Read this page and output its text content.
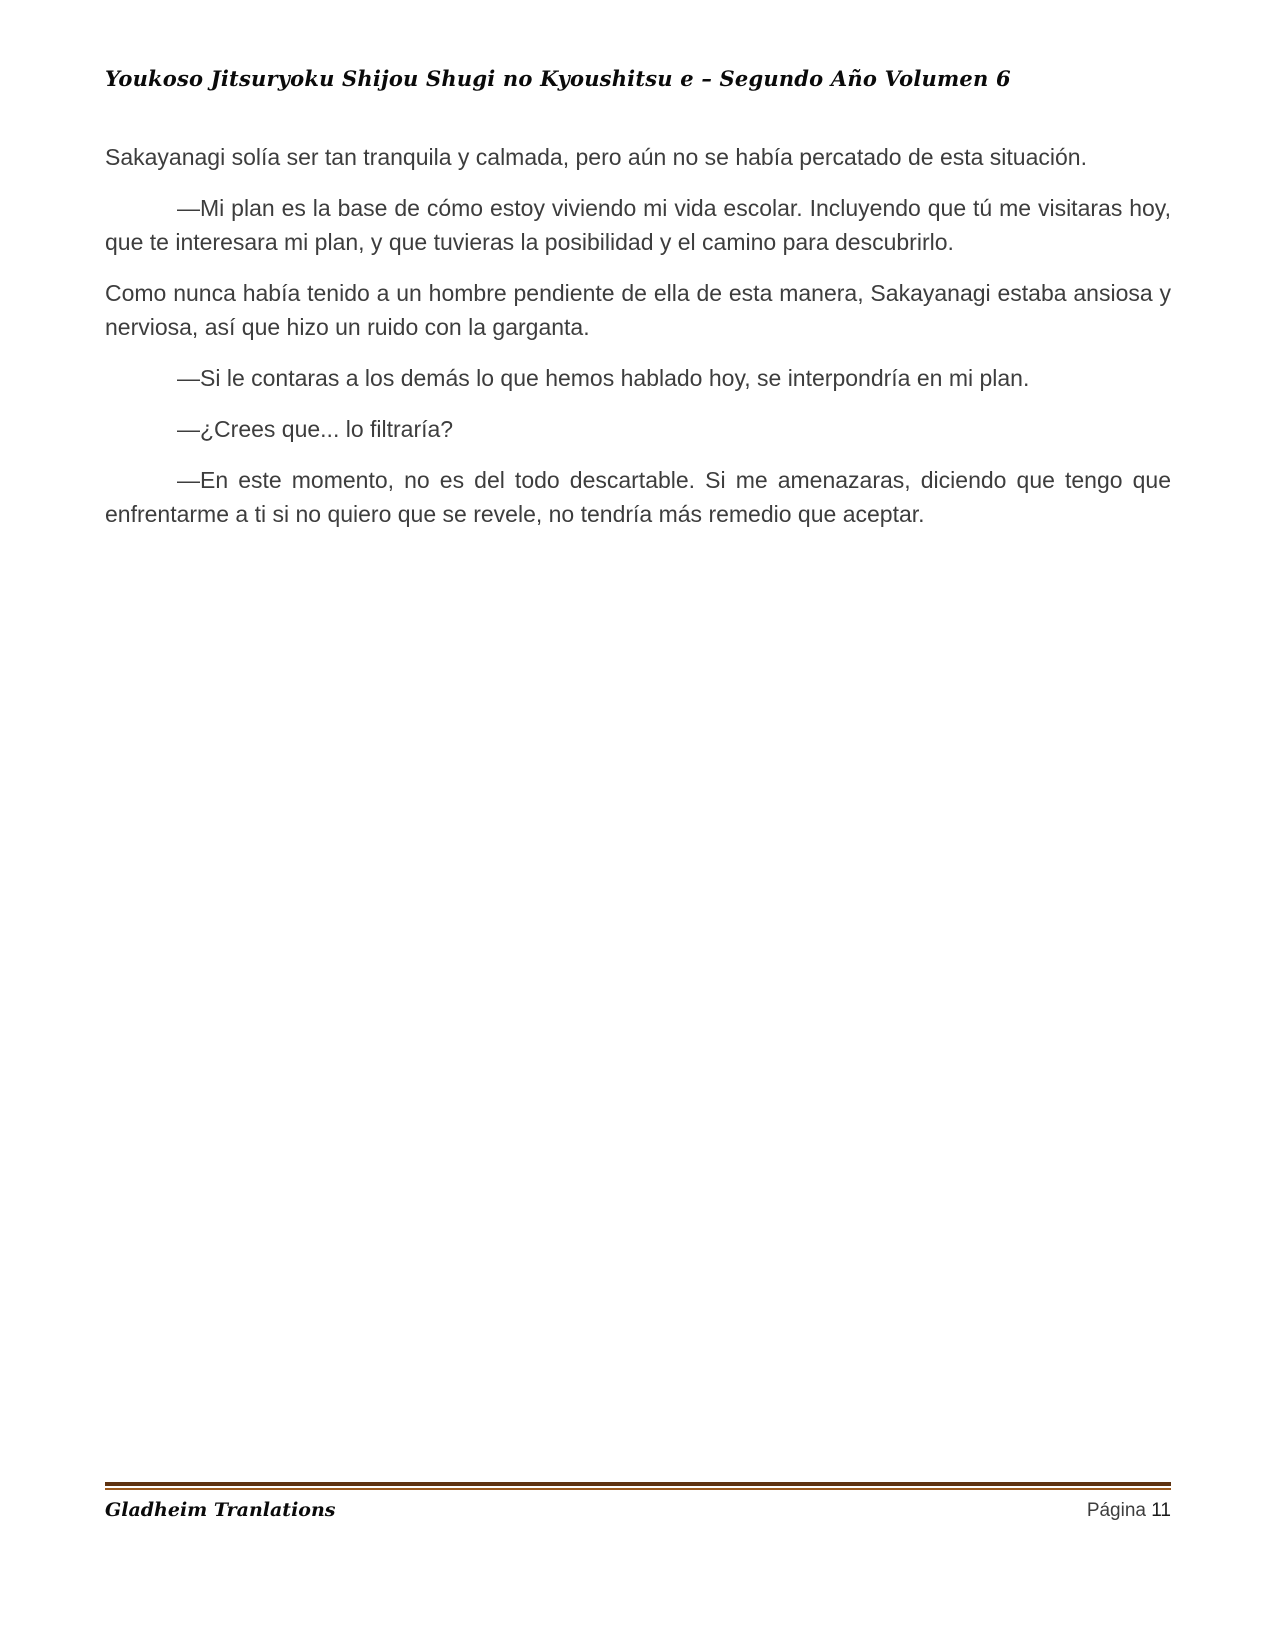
Youkoso Jitsuryoku Shijou Shugi no Kyoushitsu e – Segundo Año Volumen 6

Sakayanagi solía ser tan tranquila y calmada, pero aún no se había percatado de esta situación.

—Mi plan es la base de cómo estoy viviendo mi vida escolar. Incluyendo que tú me visitaras hoy, que te interesara mi plan, y que tuvieras la posibilidad y el camino para descubrirlo.

Como nunca había tenido a un hombre pendiente de ella de esta manera, Sakayanagi estaba ansiosa y nerviosa, así que hizo un ruido con la garganta.

—Si le contaras a los demás lo que hemos hablado hoy, se interpondría en mi plan.

—¿Crees que... lo filtraría?

—En este momento, no es del todo descartable. Si me amenazaras, diciendo que tengo que enfrentarme a ti si no quiero que se revele, no tendría más remedio que aceptar.

Gladheim Tranlations	Página 11
